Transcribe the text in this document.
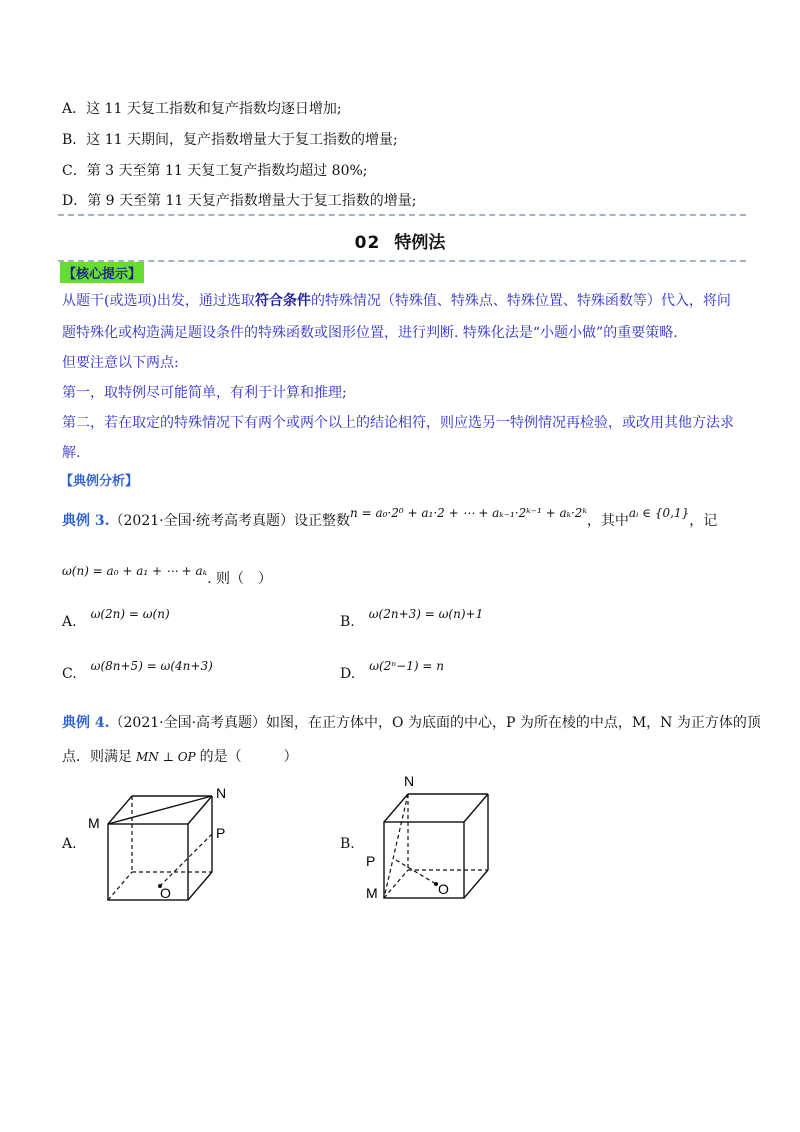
A．这 11 天复工指数和复产指数均逐日增加;
B．这 11 天期间，复产指数增量大于复工指数的增量;
C．第 3 天至第 11 天复工复产指数均超过 80%;
D．第 9 天至第 11 天复产指数增量大于复工指数的增量;
02 特例法
【核心提示】
从题干(或选项)出发，通过选取符合条件的特殊情况（特殊值、特殊点、特殊位置、特殊函数等）代入，将问
题特殊化或构造满足题设条件的特殊函数或图形位置，进行判断. 特殊化法是“小题小做”的重要策略.
但要注意以下两点:
第一，取特例尽可能简单，有利于计算和推理;
第二，若在取定的特殊情况下有两个或两个以上的结论相符，则应选另一特例情况再检验，或改用其他方法求
解.
【典例分析】
典例 3.（2021·全国·统考高考真题）设正整数n = a₀·2⁰ + a₁·2 + ⋯ + aₖ₋₁·2ᵏ⁻¹ + aₖ·2ᵏ，其中aᵢ ∈ {0,1}，记
ω(n) = a₀ + a₁ + ⋯ + aₖ. 则（　）
A. ω(2n) = ω(n)	B. ω(2n+3) = ω(n)+1
C. ω(8n+5) = ω(4n+3)	D. ω(2ⁿ−1) = n
典例 4.（2021·全国·高考真题）如图，在正方体中，O 为底面的中心，P 为所在棱的中点，M，N 为正方体的顶
点．则满足 MN ⊥ OP 的是（　　　）
A.
M
N
P
O
B.
N
P
M	O
